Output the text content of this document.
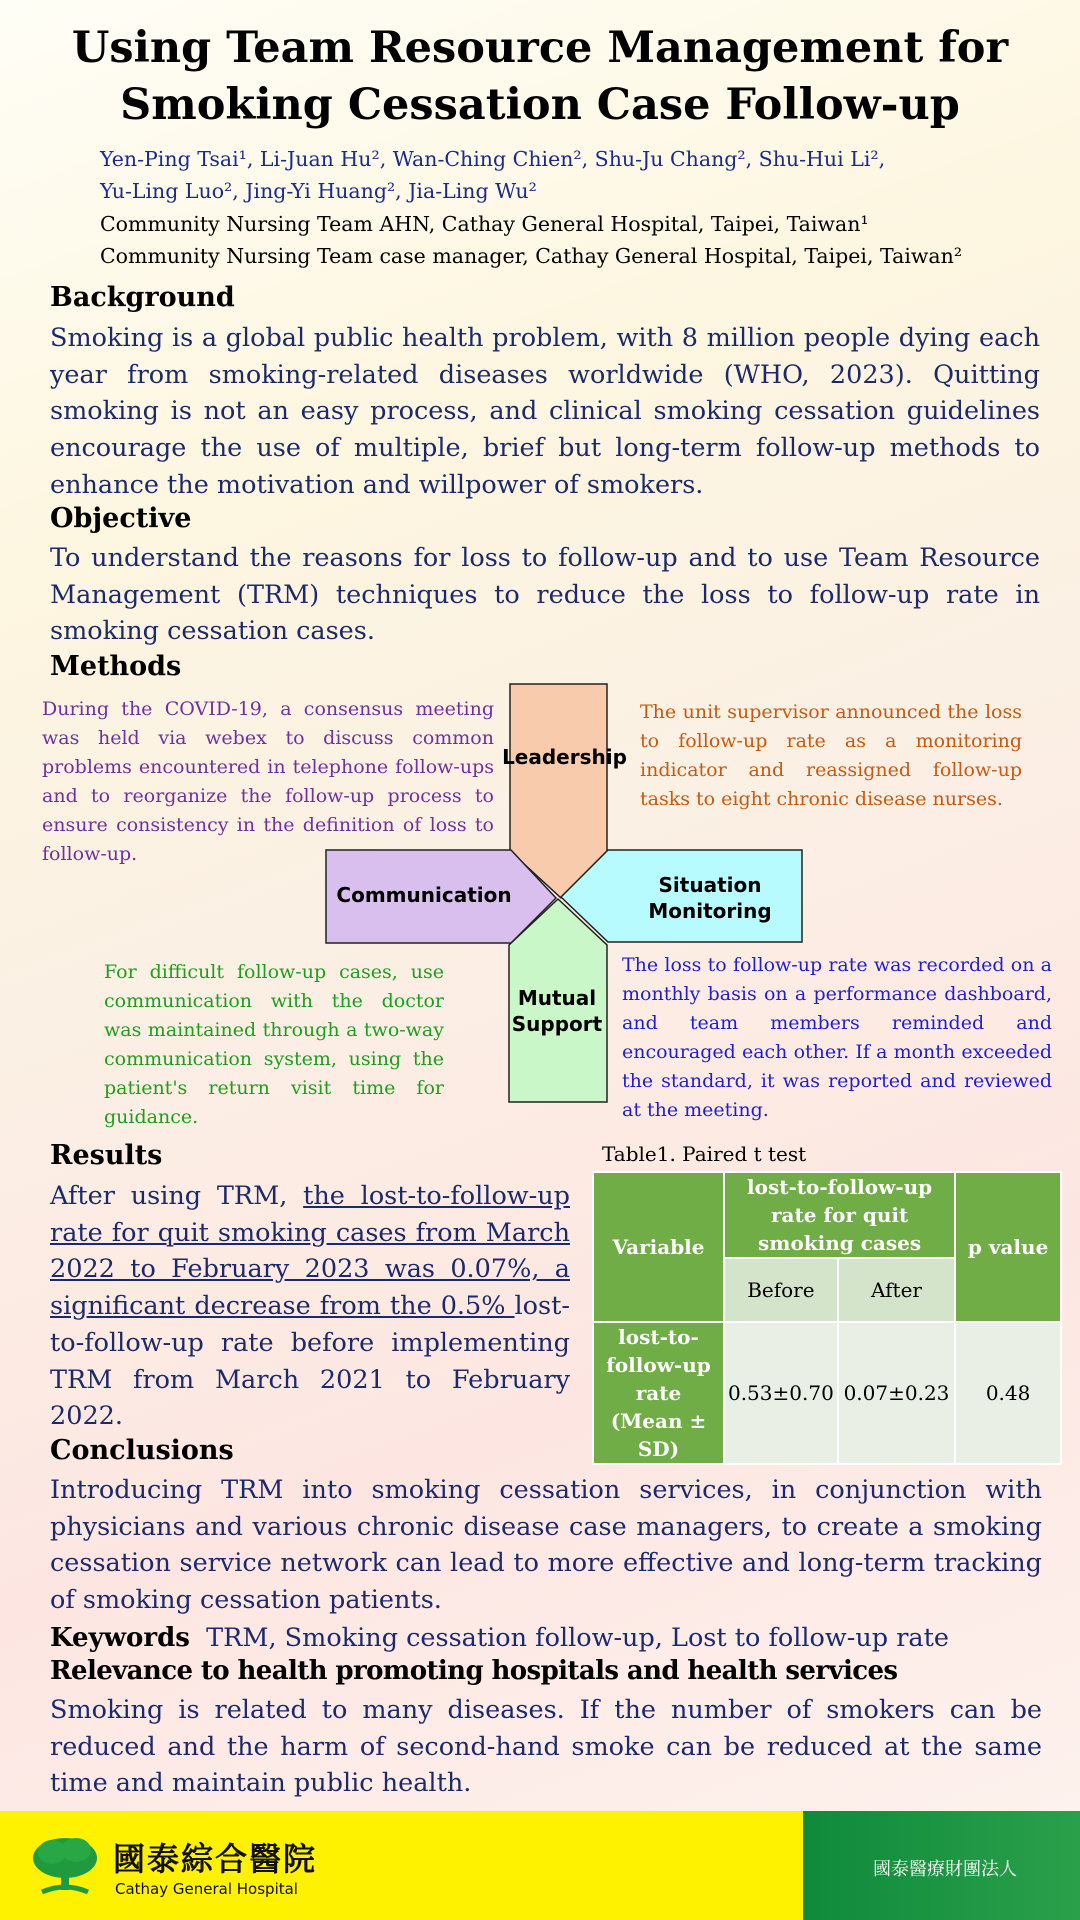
Using Team Resource Management for
Smoking Cessation Case Follow-up
Yen-Ping Tsai¹, Li-Juan Hu², Wan-Ching Chien², Shu-Ju Chang², Shu-Hui Li²,
Yu-Ling Luo², Jing-Yi Huang², Jia-Ling Wu²
Community Nursing Team AHN, Cathay General Hospital, Taipei, Taiwan¹
Community Nursing Team case manager, Cathay General Hospital, Taipei, Taiwan²
Background
Smoking is a global public health problem, with 8 million people dying each year from smoking-related diseases worldwide (WHO, 2023). Quitting smoking is not an easy process, and clinical smoking cessation guidelines encourage the use of multiple, brief but long-term follow-up methods to enhance the motivation and willpower of smokers.
Objective
To understand the reasons for loss to follow-up and to use Team Resource Management (TRM) techniques to reduce the loss to follow-up rate in smoking cessation cases.
Methods
During the COVID-19, a consensus meeting was held via webex to discuss common problems encountered in telephone follow-ups and to reorganize the follow-up process to ensure consistency in the definition of loss to follow-up.
The unit supervisor announced the loss to follow-up rate as a monitoring indicator and reassigned follow-up tasks to eight chronic disease nurses.
For difficult follow-up cases, use communication with the doctor was maintained through a two-way communication system, using the patient's return visit time for guidance.
The loss to follow-up rate was recorded on a monthly basis on a performance dashboard, and team members reminded and encouraged each other. If a month exceeded the standard, it was reported and reviewed at the meeting.
Leadership
Communication	Situation
Monitoring
Mutual
Support
Results
After using TRM, the lost-to-follow-up rate for quit smoking cases from March 2022 to February 2023 was 0.07%, a significant decrease from the 0.5% lost-to-follow-up rate before implementing TRM from March 2021 to February 2022.
Table1. Paired t test
Variable	lost-to-follow-up rate for quit smoking cases		p value
	Before	After	
lost-to-follow-up rate (Mean ± SD)	0.53±0.70	0.07±0.23	0.48
Conclusions
Introducing TRM into smoking cessation services, in conjunction with physicians and various chronic disease case managers, to create a smoking cessation service network can lead to more effective and long-term tracking of smoking cessation patients.
Keywords TRM, Smoking cessation follow-up, Lost to follow-up rate
Relevance to health promoting hospitals and health services
Smoking is related to many diseases. If the number of smokers can be reduced and the harm of second-hand smoke can be reduced at the same time and maintain public health.
國泰綜合醫院
Cathay General Hospital
國泰醫療財團法人
